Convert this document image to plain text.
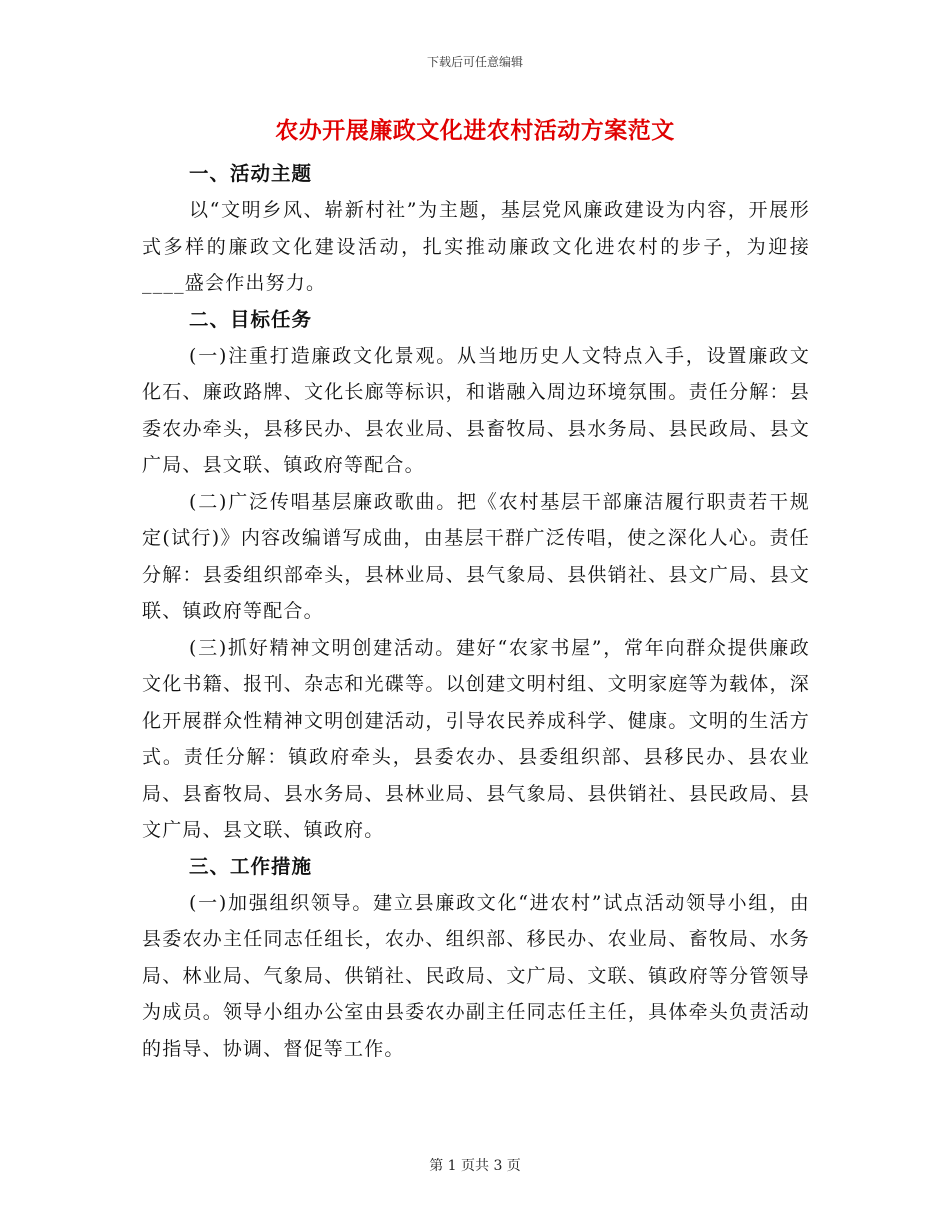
下载后可任意编辑
农办开展廉政文化进农村活动方案范文

一、活动主题

以“文明乡风、崭新村社”为主题，基层党风廉政建设为内容，开展形式多样的廉政文化建设活动，扎实推动廉政文化进农村的步子，为迎接____盛会作出努力。

二、目标任务

(一)注重打造廉政文化景观。从当地历史人文特点入手，设置廉政文化石、廉政路牌、文化长廊等标识，和谐融入周边环境氛围。责任分解：县委农办牵头，县移民办、县农业局、县畜牧局、县水务局、县民政局、县文广局、县文联、镇政府等配合。

(二)广泛传唱基层廉政歌曲。把《农村基层干部廉洁履行职责若干规定(试行)》内容改编谱写成曲，由基层干群广泛传唱，使之深化人心。责任分解：县委组织部牵头，县林业局、县气象局、县供销社、县文广局、县文联、镇政府等配合。

(三)抓好精神文明创建活动。建好“农家书屋”，常年向群众提供廉政文化书籍、报刊、杂志和光碟等。以创建文明村组、文明家庭等为载体，深化开展群众性精神文明创建活动，引导农民养成科学、健康。文明的生活方式。责任分解：镇政府牵头，县委农办、县委组织部、县移民办、县农业局、县畜牧局、县水务局、县林业局、县气象局、县供销社、县民政局、县文广局、县文联、镇政府。

三、工作措施

(一)加强组织领导。建立县廉政文化“进农村”试点活动领导小组，由县委农办主任同志任组长，农办、组织部、移民办、农业局、畜牧局、水务局、林业局、气象局、供销社、民政局、文广局、文联、镇政府等分管领导为成员。领导小组办公室由县委农办副主任同志任主任，具体牵头负责活动的指导、协调、督促等工作。

第 1 页共 3 页
